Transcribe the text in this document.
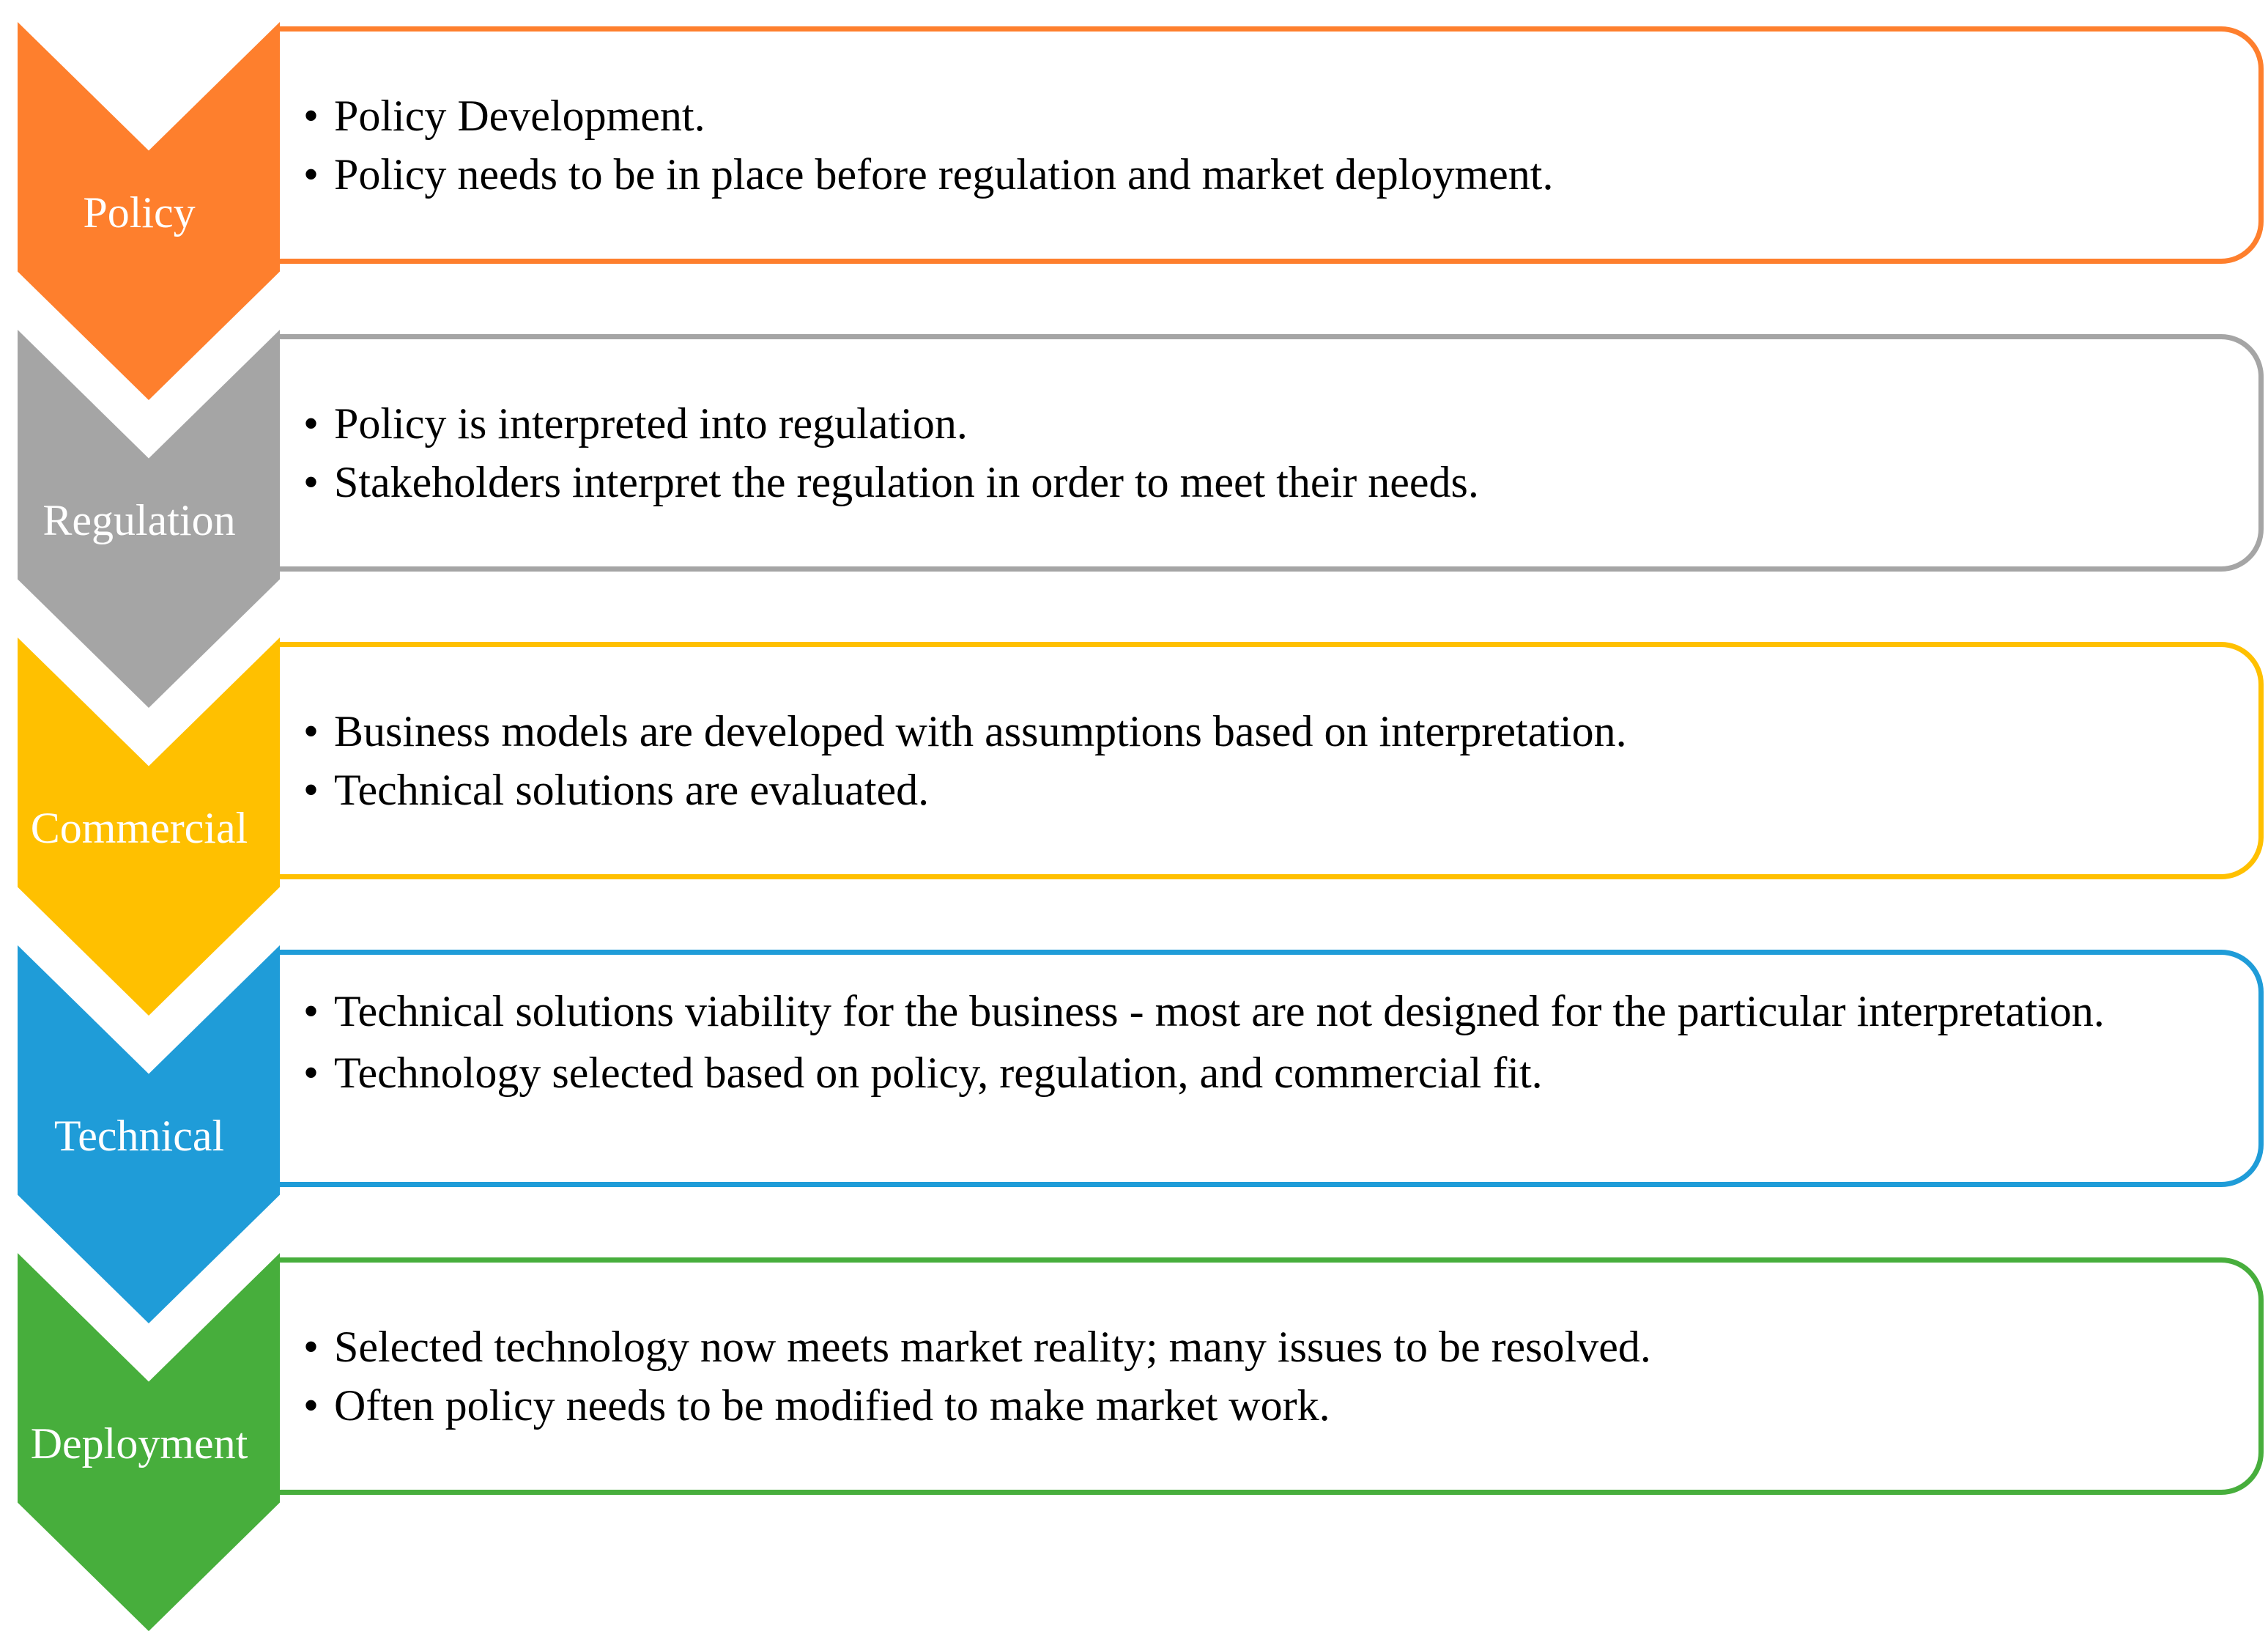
Policy
• Policy Development.
• Policy needs to be in place before regulation and market deployment.
Regulation
• Policy is interpreted into regulation.
• Stakeholders interpret the regulation in order to meet their needs.
Commercial
• Business models are developed with assumptions based on interpretation.
• Technical solutions are evaluated.
Technical
• Technical solutions viability for the business - most are not designed for the particular interpretation.
• Technology selected based on policy, regulation, and commercial fit.
Deployment
• Selected technology now meets market reality; many issues to be resolved.
• Often policy needs to be modified to make market work.
